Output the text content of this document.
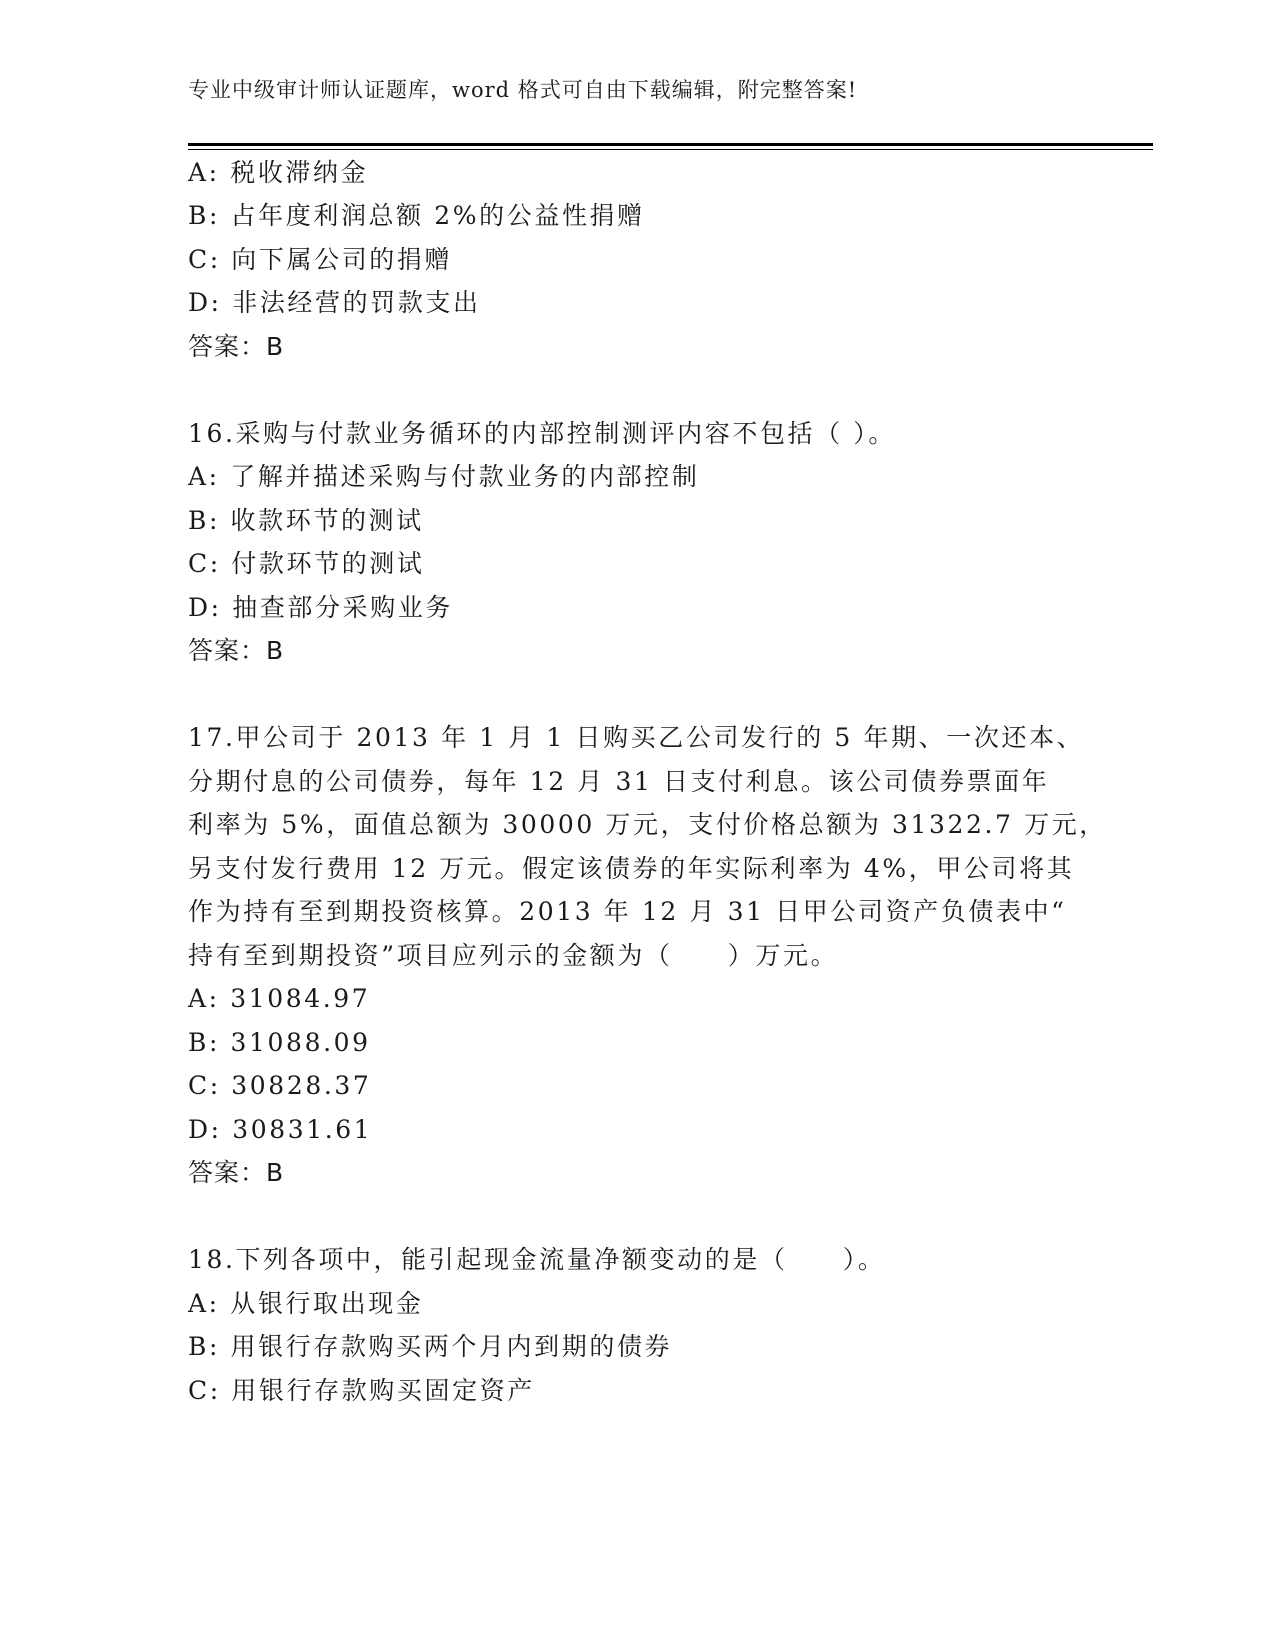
专业中级审计师认证题库，word 格式可自由下载编辑，附完整答案!
A: 税收滞纳金
B: 占年度利润总额 2%的公益性捐赠
C: 向下属公司的捐赠
D: 非法经营的罚款支出
答案：B
16.采购与付款业务循环的内部控制测评内容不包括（ ）。
A: 了解并描述采购与付款业务的内部控制
B: 收款环节的测试
C: 付款环节的测试
D: 抽查部分采购业务
答案：B
17.甲公司于 2013 年 1 月 1 日购买乙公司发行的 5 年期、一次还本、
分期付息的公司债券，每年 12 月 31 日支付利息。该公司债券票面年
利率为 5%，面值总额为 30000 万元，支付价格总额为 31322.7 万元，
另支付发行费用 12 万元。假定该债券的年实际利率为 4%，甲公司将其
作为持有至到期投资核算。2013 年 12 月 31 日甲公司资产负债表中“
持有至到期投资”项目应列示的金额为（　　）万元。
A: 31084.97
B: 31088.09
C: 30828.37
D: 30831.61
答案：B
18.下列各项中，能引起现金流量净额变动的是（　　）。
A: 从银行取出现金
B: 用银行存款购买两个月内到期的债券
C: 用银行存款购买固定资产
